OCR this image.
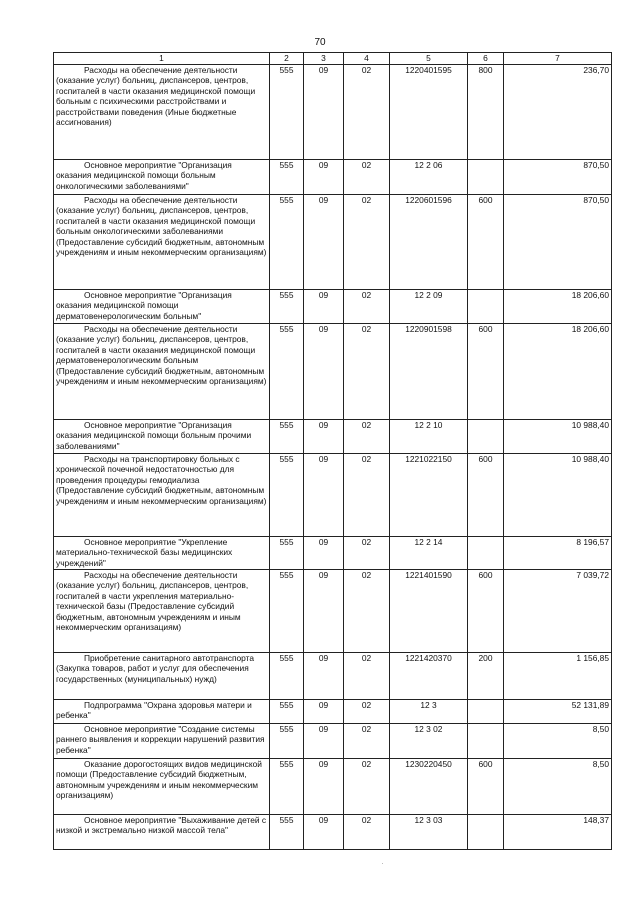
70
1	2	3	4	5	6	7
Расходы на обеспечение деятельности (оказание услуг) больниц, диспансеров, центров, госпиталей в части оказания медицинской помощи больным с психическими расстройствами и расстройствами поведения (Иные бюджетные ассигнования)	555	09	02	1220401595	800	236,70
Основное мероприятие "Организация оказания медицинской помощи больным онкологическими заболеваниями"	555	09	02	12 2 06		870,50
Расходы на обеспечение деятельности (оказание услуг) больниц, диспансеров, центров, госпиталей в части оказания медицинской помощи больным онкологическими заболеваниями (Предоставление субсидий бюджетным, автономным учреждениям и иным некоммерческим организациям)	555	09	02	1220601596	600	870,50
Основное мероприятие "Организация оказания медицинской помощи дерматовенерологическим больным"	555	09	02	12 2 09		18 206,60
Расходы на обеспечение деятельности (оказание услуг) больниц, диспансеров, центров, госпиталей в части оказания медицинской помощи дерматовенерологическим больным (Предоставление субсидий бюджетным, автономным учреждениям и иным некоммерческим организациям)	555	09	02	1220901598	600	18 206,60
Основное мероприятие "Организация оказания медицинской помощи больным прочими заболеваниями"	555	09	02	12 2 10		10 988,40
Расходы на транспортировку больных с хронической почечной недостаточностью для проведения процедуры гемодиализа (Предоставление субсидий бюджетным, автономным учреждениям и иным некоммерческим организациям)	555	09	02	1221022150	600	10 988,40
Основное мероприятие "Укрепление материально-технической базы медицинских учреждений"	555	09	02	12 2 14		8 196,57
Расходы на обеспечение деятельности (оказание услуг) больниц, диспансеров, центров, госпиталей в части укрепления материально-технической базы (Предоставление субсидий бюджетным, автономным учреждениям и иным некоммерческим организациям)	555	09	02	1221401590	600	7 039,72
Приобретение санитарного автотранспорта (Закупка товаров, работ и услуг для обеспечения государственных (муниципальных) нужд)	555	09	02	1221420370	200	1 156,85
Подпрограмма "Охрана здоровья матери и ребенка"	555	09	02	12 3		52 131,89
Основное мероприятие "Создание системы раннего выявления и коррекции нарушений развития ребенка"	555	09	02	12 3 02		8,50
Оказание дорогостоящих видов медицинской помощи (Предоставление субсидий бюджетным, автономным учреждениям и иным некоммерческим организациям)	555	09	02	1230220450	600	8,50
Основное мероприятие "Выхаживание детей с низкой и экстремально низкой массой тела"	555	09	02	12 3 03		148,37
